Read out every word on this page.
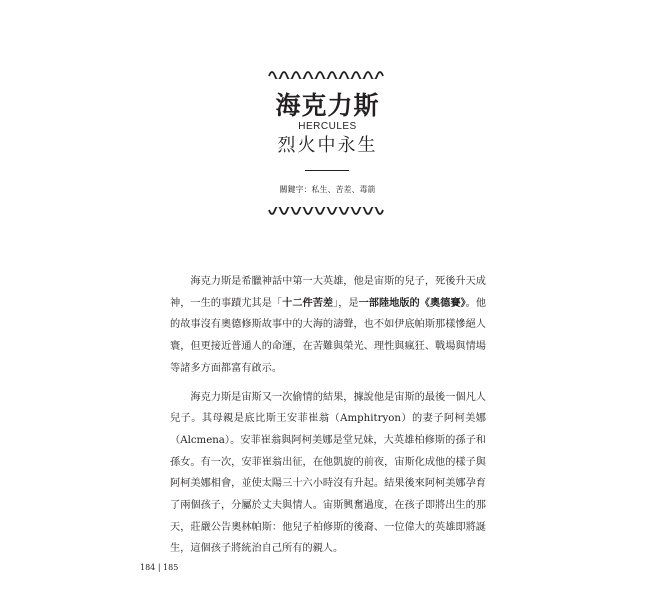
海克力斯
HERCULES
烈火中永生
關鍵字：私生、苦差、毒箭

海克力斯是希臘神話中第一大英雄，他是宙斯的兒子，死後升天成神，一生的事蹟尤其是「十二件苦差」，是一部陸地版的《奧德賽》。他的故事沒有奧德修斯故事中的大海的濤聲，也不如伊底帕斯那樣慘絕人寰，但更接近普通人的命運，在苦難與榮光、理性與瘋狂、戰場與情場等諸多方面都富有啟示。

海克力斯是宙斯又一次偷情的結果，據說他是宙斯的最後一個凡人兒子。其母親是底比斯王安菲崔翁（Amphitryon）的妻子阿柯美娜（Alcmena）。安菲崔翁與阿柯美娜是堂兄妹，大英雄柏修斯的孫子和孫女。有一次，安菲崔翁出征，在他凱旋的前夜，宙斯化成他的樣子與阿柯美娜相會，並使太陽三十六小時沒有升起。結果後來阿柯美娜孕育了兩個孩子，分屬於丈夫與情人。宙斯興奮過度，在孩子即將出生的那天，莊嚴公告奧林帕斯：他兒子柏修斯的後裔、一位偉大的英雄即將誕生，這個孩子將統治自己所有的親人。

184 | 185
